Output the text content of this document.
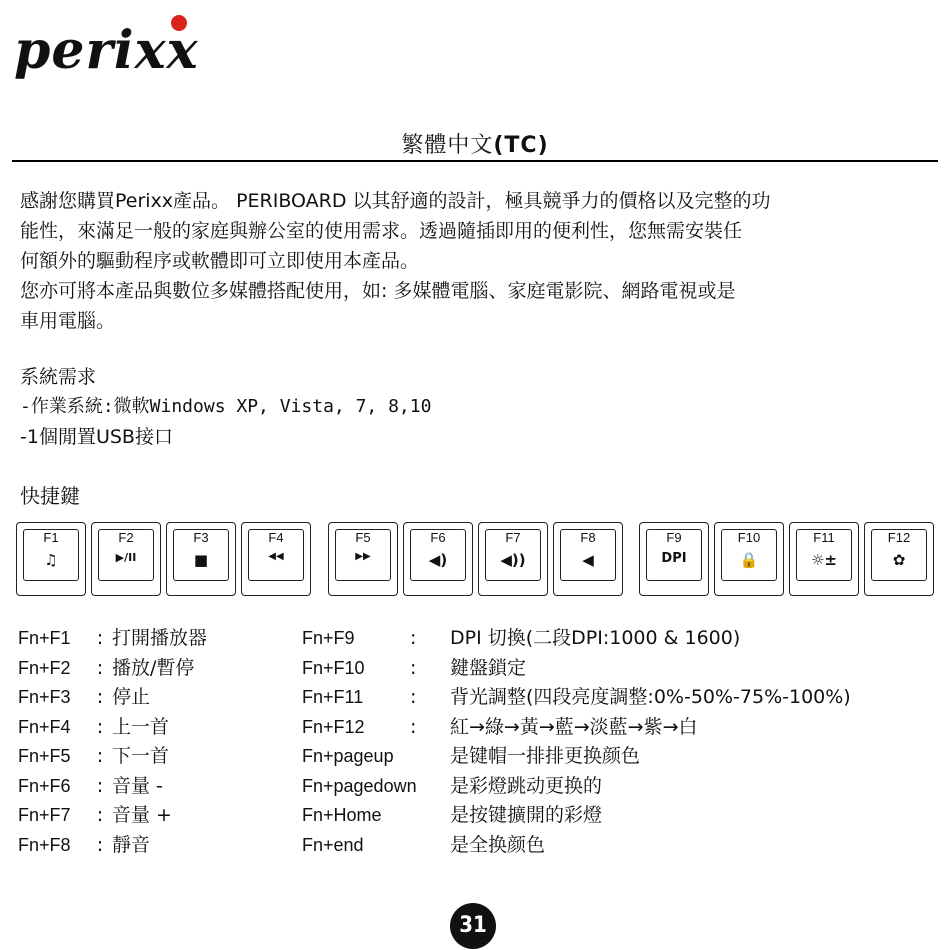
perixx
繁體中文(TC)

感謝您購買Perixx產品。 PERIBOARD 以其舒適的設計，極具競爭力的價格以及完整的功

能性，來滿足一般的家庭與辦公室的使用需求。透過隨插即用的便利性，您無需安裝任

何額外的驅動程序或軟體即可立即使用本產品。

您亦可將本產品與數位多媒體搭配使用，如: 多媒體電腦、家庭電影院、網路電視或是

車用電腦。

系統需求

-作業系統:微軟Windows XP, Vista, 7, 8,10

-1個閒置USB接口

快捷鍵
F1
♫
F2
▶/II
F3
■
F4
◀◀
F5
▶▶
F6
◀)
F7
◀))
F8
◀
F9
DPI
F10
🔒
F11
☼±
F12
✿
Fn+F1	: 打開播放器
Fn+F2	: 播放/暫停
Fn+F3	: 停止
Fn+F4	: 上一首
Fn+F5	: 下一首
Fn+F6	: 音量 -
Fn+F7	: 音量 +
Fn+F8	: 靜音
Fn+F9	:	DPI 切換(二段DPI:1000 & 1600)
Fn+F10	:	鍵盤鎖定
Fn+F11	:	背光調整(四段亮度調整:0%-50%-75%-100%)
Fn+F12	:	紅→綠→黃→藍→淡藍→紫→白
Fn+pageup	是键帽一排排更换颜色
Fn+pagedown	是彩燈跳动更换的
Fn+Home	是按键擴開的彩燈
Fn+end	是全换颜色
31
